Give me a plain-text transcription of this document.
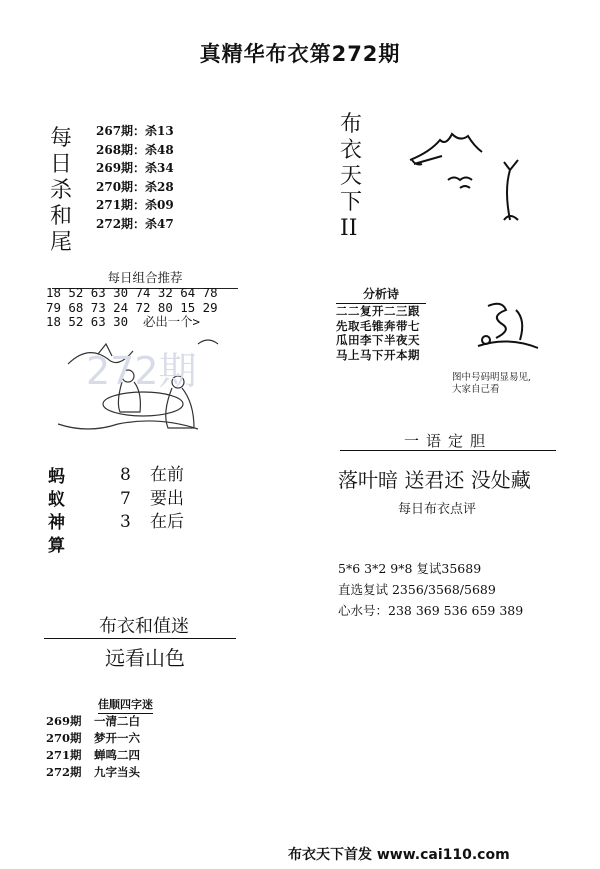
真精华布衣第272期
每
日
杀
和
尾
267期：杀13
268期：杀48
269期：杀34
270期：杀28
271期：杀09
272期：杀47
每日组合推荐
18 52 63 30 74 32 64 78
79 68 73 24 72 80 15 29
18 52 63 30  必出一个>
272期
蚂
蚁
神
算
8 在前
7 要出
3 在后
布衣和值迷
远看山色
佳顺四字迷
269期 一清二白
270期 梦开一六
271期 蝉鸣二四
272期 九字当头
布
衣
天
下
II
分析诗
二二复开二三跟
先取毛锥奔带七
瓜田李下半夜天
马上马下开本期
图中号码明显易见,
大家自己看
一语定胆
落叶暗 送君还 没处藏
每日布衣点评
5*6 3*2 9*8 复试35689
直选复试 2356/3568/5689
心水号：238 369 536 659 389
布衣天下首发 www.cai110.com
